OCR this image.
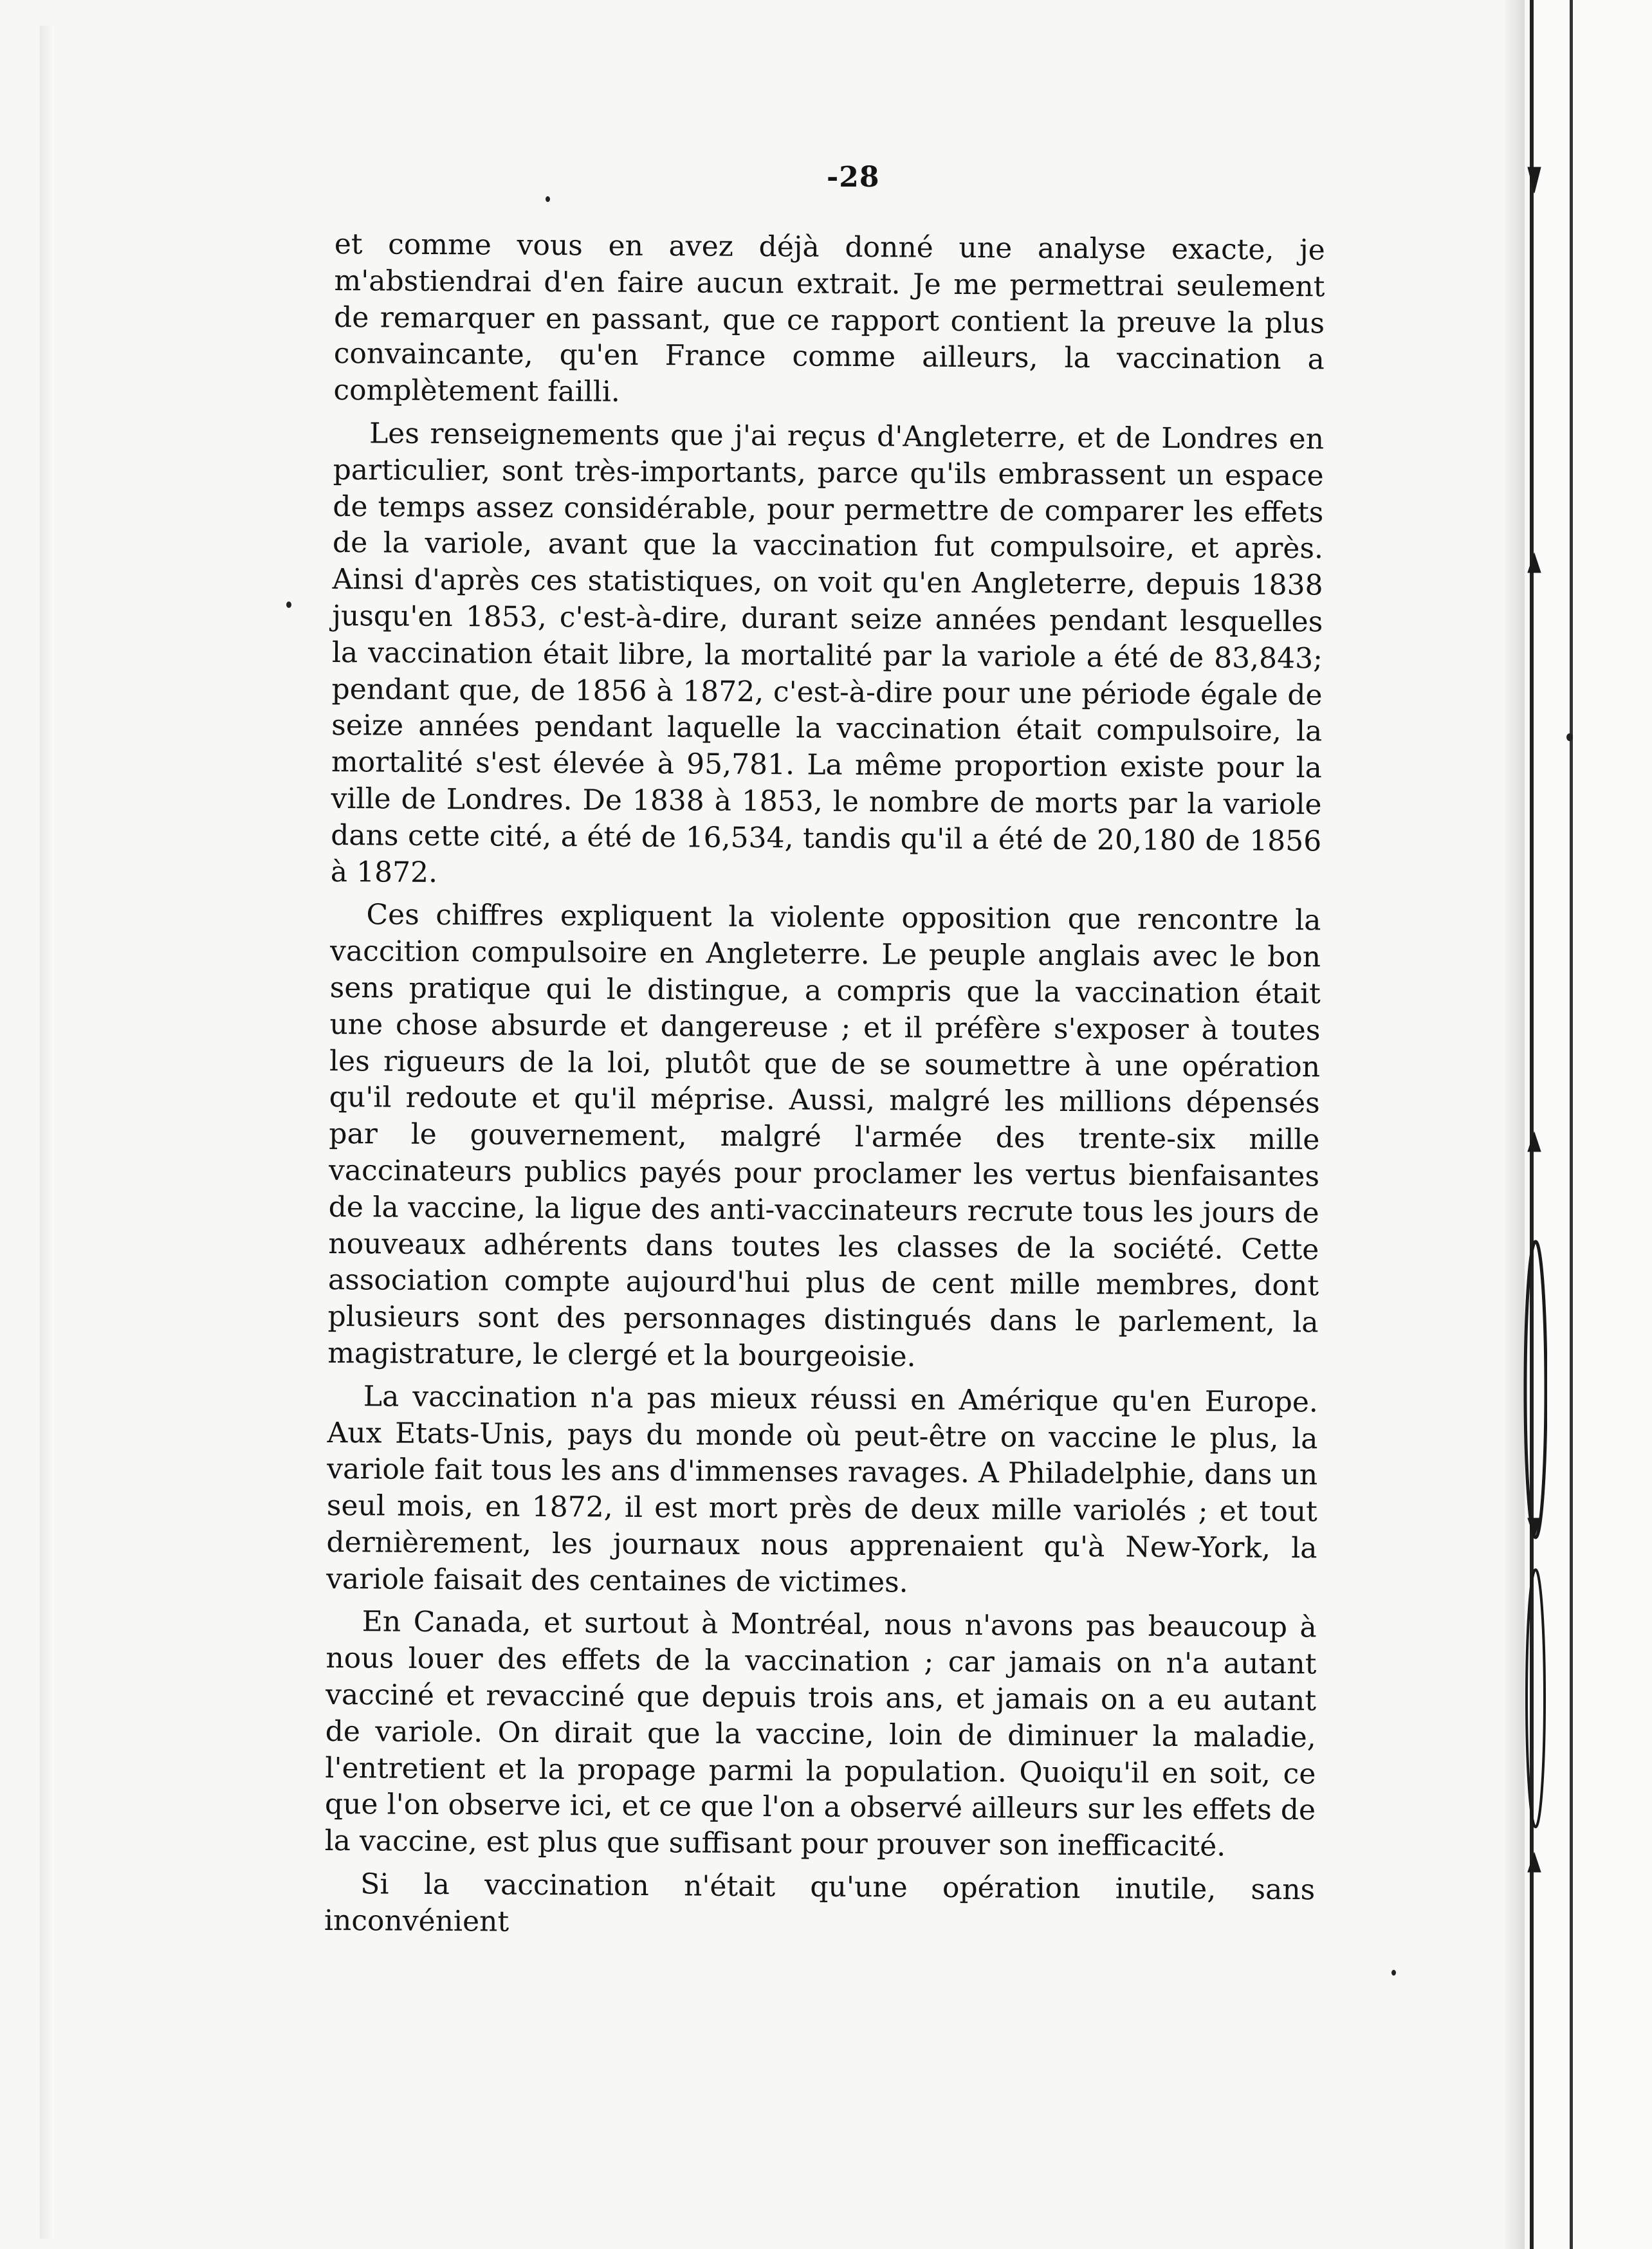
-28

et comme vous en avez déjà donné une analyse exacte, je m'abstiendrai d'en faire aucun extrait. Je me permettrai seulement de remarquer en passant, que ce rapport contient la preuve la plus convaincante, qu'en France comme ailleurs, la vaccination a complètement failli.

Les renseignements que j'ai reçus d'Angleterre, et de Londres en particulier, sont très-importants, parce qu'ils embrassent un espace de temps assez considérable, pour permettre de comparer les effets de la variole, avant que la vaccination fut compulsoire, et après. Ainsi d'après ces statistiques, on voit qu'en Angleterre, depuis 1838 jusqu'en 1853, c'est-à-dire, durant seize années pendant lesquelles la vaccination était libre, la mortalité par la variole a été de 83,843; pendant que, de 1856 à 1872, c'est-à-dire pour une période égale de seize années pendant laquelle la vaccination était compulsoire, la mortalité s'est élevée à 95,781. La même proportion existe pour la ville de Londres. De 1838 à 1853, le nombre de morts par la variole dans cette cité, a été de 16,534, tandis qu'il a été de 20,180 de 1856 à 1872.

Ces chiffres expliquent la violente opposition que rencontre la vaccition compulsoire en Angleterre. Le peuple anglais avec le bon sens pratique qui le distingue, a compris que la vaccination était une chose absurde et dangereuse ; et il préfère s'exposer à toutes les rigueurs de la loi, plutôt que de se soumettre à une opération qu'il redoute et qu'il méprise. Aussi, malgré les millions dépensés par le gouvernement, malgré l'armée des trente-six mille vaccinateurs publics payés pour proclamer les vertus bienfaisantes de la vaccine, la ligue des anti-vaccinateurs recrute tous les jours de nouveaux adhérents dans toutes les classes de la société. Cette association compte aujourd'hui plus de cent mille membres, dont plusieurs sont des personnages distingués dans le parlement, la magistrature, le clergé et la bourgeoisie.

La vaccination n'a pas mieux réussi en Amérique qu'en Europe. Aux Etats-Unis, pays du monde où peut-être on vaccine le plus, la variole fait tous les ans d'immenses ravages. A Philadelphie, dans un seul mois, en 1872, il est mort près de deux mille variolés ; et tout dernièrement, les journaux nous apprenaient qu'à New-York, la variole faisait des centaines de victimes.

En Canada, et surtout à Montréal, nous n'avons pas beaucoup à nous louer des effets de la vaccination ; car jamais on n'a autant vacciné et revacciné que depuis trois ans, et jamais on a eu autant de variole. On dirait que la vaccine, loin de diminuer la maladie, l'entretient et la propage parmi la population. Quoiqu'il en soit, ce que l'on observe ici, et ce que l'on a observé ailleurs sur les effets de la vaccine, est plus que suffisant pour prouver son inefficacité.

Si la vaccination n'était qu'une opération inutile, sans inconvénient
